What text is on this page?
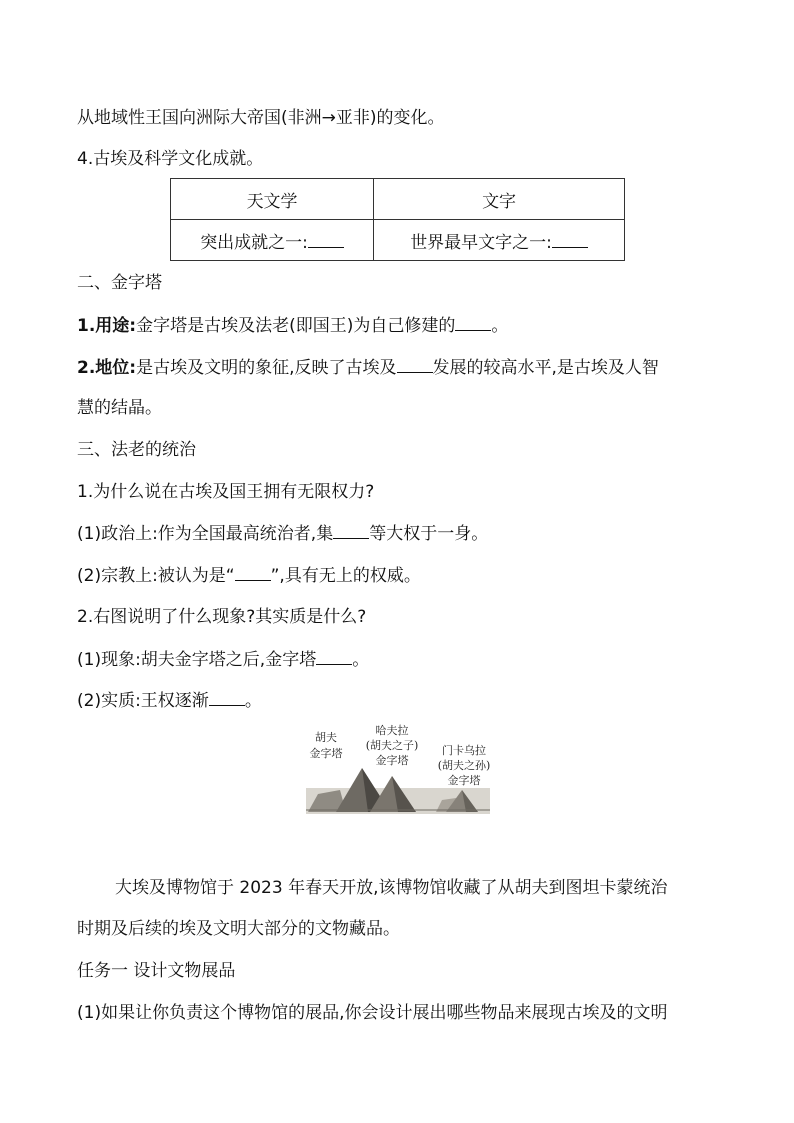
从地域性王国向洲际大帝国(非洲→亚非)的变化。
4.古埃及科学文化成就。
天文学	文字
突出成就之一:	世界最早文字之一:
二、金字塔
1.用途:金字塔是古埃及法老(即国王)为自己修建的 。
2.地位:是古埃及文明的象征,反映了古埃及 发展的较高水平,是古埃及人智
慧的结晶。
三、法老的统治
1.为什么说在古埃及国王拥有无限权力?
(1)政治上:作为全国最高统治者,集 等大权于一身。
(2)宗教上:被认为是“ ”,具有无上的权威。
2.右图说明了什么现象?其实质是什么?
(1)现象:胡夫金字塔之后,金字塔 。
(2)实质:王权逐渐 。
胡夫
金字塔
哈夫拉
(胡夫之子)
金字塔
门卡乌拉
(胡夫之孙)
金字塔
大埃及博物馆于 2023 年春天开放,该博物馆收藏了从胡夫到图坦卡蒙统治
时期及后续的埃及文明大部分的文物藏品。
任务一 设计文物展品
(1)如果让你负责这个博物馆的展品,你会设计展出哪些物品来展现古埃及的文明
